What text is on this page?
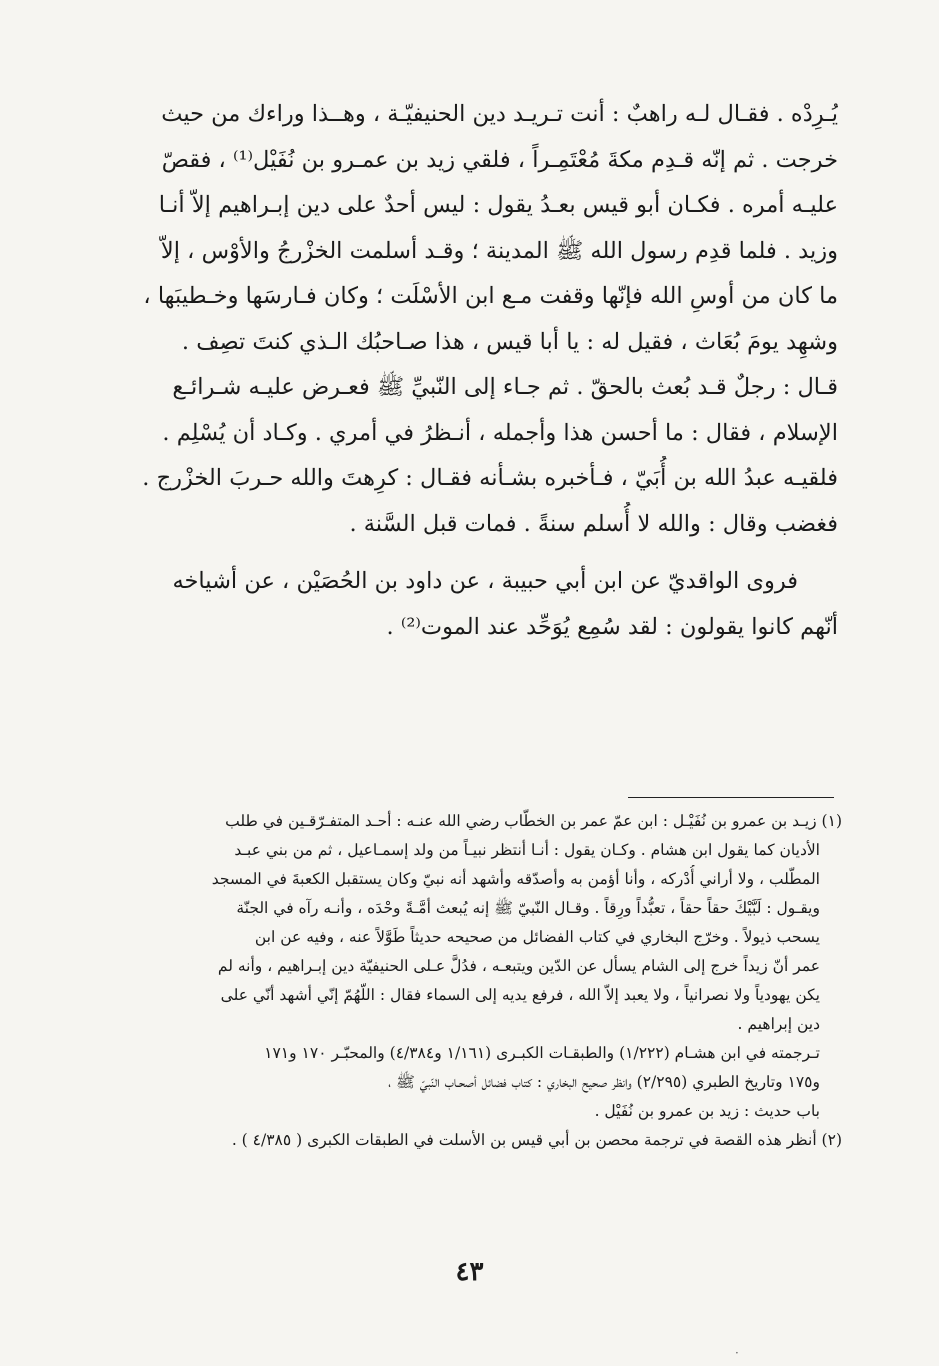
يُـرِدْه . فقـال لـه راهبٌ : أنت تـريـد دين الحنيفيّـة ، وهــذا وراءك من حيث
خرجت . ثم إنّه قـدِم مكةَ مُعْتَمِـراً ، فلقي زيد بن عمـرو بن نُفَيْل⁽¹⁾ ، فقصّ
عليـه أمره . فكـان أبو قيس بعـدُ يقول : ليس أحدٌ على دين إبـراهيم إلاّ أنـا
وزيد . فلما قدِم رسول الله ﷺ المدينة ؛ وقـد أسلمت الخزْرجُ والأوْس ، إلاّ
ما كان من أوسِ الله فإنّها وقفت مـع ابن الأسْلَت ؛ وكان فـارسَها وخـطيبَها ،
وشهِد يومَ بُعَاث ، فقيل له : يا أبا قيس ، هذا صـاحبُك الـذي كنتَ تصِف .
قـال : رجلٌ قـد بُعث بالحقّ . ثم جـاء إلى النّبيِّ ﷺ فعـرض عليـه شـرائـع
الإسلام ، فقال : ما أحسن هذا وأجمله ، أنـظرُ في أمري . وكـاد أن يُسْلِم .
فلقيـه عبدُ الله بن أُبَيّ ، فـأخبره بشـأنه فقـال : كرِهتَ والله حـربَ الخزْرج .
فغضب وقال : والله لا أُسلم سنةً . فمات قبل السَّنة .
فروى الواقديّ عن ابن أبي حبيبة ، عن داود بن الحُصَيْن ، عن أشياخه
أنّهم كانوا يقولون : لقد سُمِع يُوَحِّد عند الموت⁽²⁾ .
(١) زيـد بن عمرو بن نُفَيْـل : ابن عمّ عمر بن الخطّاب رضي الله عنـه : أحـد المتفـرّقـين في طلب
الأديان كما يقول ابن هشام . وكـان يقول : أنـا أنتظر نبيـاً من ولد إسمـاعيل ، ثم من بني عبـد
المطّلب ، ولا أراني أُدْركه ، وأنا أؤمن به وأصدّقه وأشهد أنه نبيّ وكان يستقبل الكعبةَ في المسجد
ويقـول : لَبَّيْكَ حقاً حقاً ، تعبُّداً ورِقاً . وقـال النّبيّ ﷺ إنه يُبعث أمَّـةً وحْدَه ، وأنـه رآه في الجنّة
يسحب ذيولاً . وخرّج البخاري في كتاب الفضائل من صحيحه حديثاً طَوَّلاً عنه ، وفيه عن ابن
عمر أنّ زيداً خرج إلى الشام يسأل عن الدّين ويتبعـه ، فدُلَّ عـلى الحنيفيّة دين إبـراهيم ، وأنه لم
يكن يهودياً ولا نصرانياً ، ولا يعبد إلاّ الله ، فرفع يديه إلى السماء فقال : اللّهُمّ إنّي أشهد أنّي على
دين إبراهيم .
تـرجمته في ابن هشـام (١/٢٢٢) والطبقـات الكبـرى (١/١٦١ و٤/٣٨٤) والمحبّـر ١٧٠ و١٧١
و١٧٥ وتاريخ الطبري (٢/٢٩٥) وانظر صحيح البخاري : كتاب فضائل أصحـاب النّبيّ ﷺ ،
باب حديث : زيد بن عمرو بن نُفَيْل .
(٢) أنظر هذه القصة في ترجمة محصن بن أبي قيس بن الأسلت في الطبقات الكبرى ( ٤/٣٨٥ ) .
٤٣
·
